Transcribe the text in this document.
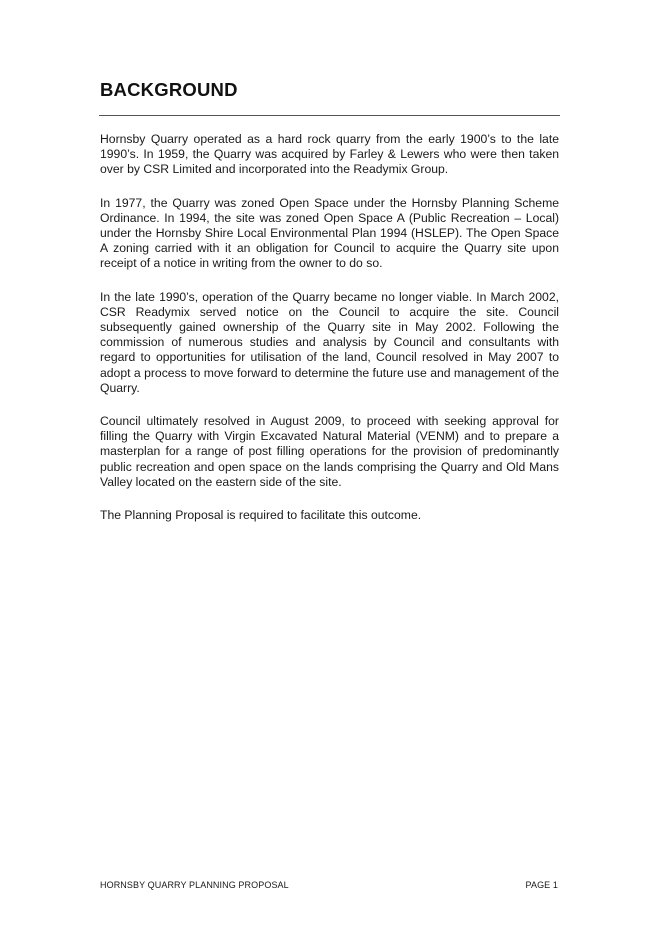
BACKGROUND

Hornsby Quarry operated as a hard rock quarry from the early 1900’s to the late 1990’s. In 1959, the Quarry was acquired by Farley & Lewers who were then taken over by CSR Limited and incorporated into the Readymix Group.

In 1977, the Quarry was zoned Open Space under the Hornsby Planning Scheme Ordinance. In 1994, the site was zoned Open Space A (Public Recreation – Local) under the Hornsby Shire Local Environmental Plan 1994 (HSLEP). The Open Space A zoning carried with it an obligation for Council to acquire the Quarry site upon receipt of a notice in writing from the owner to do so.

In the late 1990’s, operation of the Quarry became no longer viable. In March 2002, CSR Readymix served notice on the Council to acquire the site. Council subsequently gained ownership of the Quarry site in May 2002. Following the commission of numerous studies and analysis by Council and consultants with regard to opportunities for utilisation of the land, Council resolved in May 2007 to adopt a process to move forward to determine the future use and management of the Quarry.

Council ultimately resolved in August 2009, to proceed with seeking approval for filling the Quarry with Virgin Excavated Natural Material (VENM) and to prepare a masterplan for a range of post filling operations for the provision of predominantly public recreation and open space on the lands comprising the Quarry and Old Mans Valley located on the eastern side of the site.

The Planning Proposal is required to facilitate this outcome.

HORNSBY QUARRY PLANNING PROPOSAL	PAGE 1
